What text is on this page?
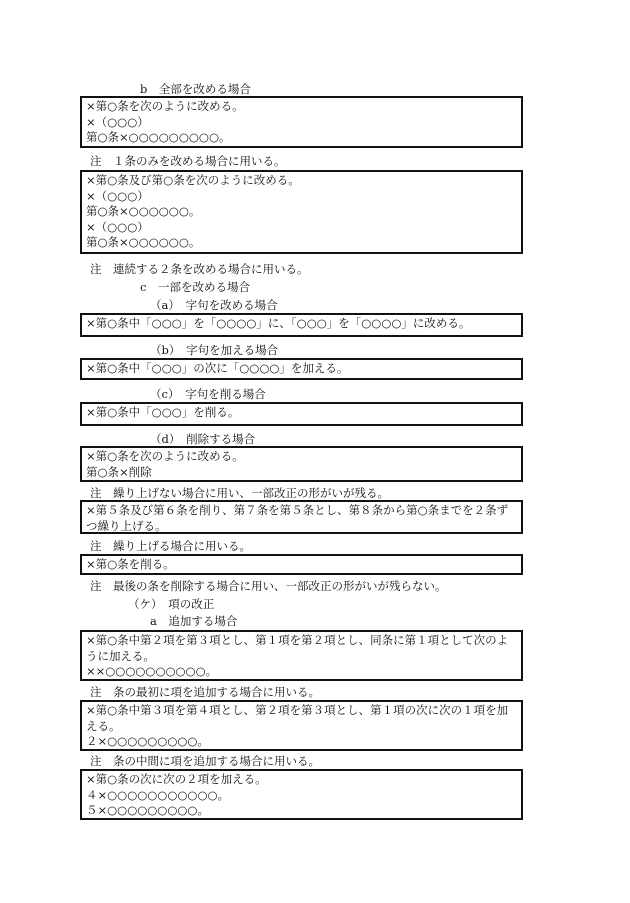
b　全部を改める場合
×第○条を次のように改める。
×（○○○）
第○条×○○○○○○○○○。
注　１条のみを改める場合に用いる。
×第○条及び第○条を次のように改める。
×（○○○）
第○条×○○○○○○。
×（○○○）
第○条×○○○○○○。
注　連続する２条を改める場合に用いる。
c　一部を改める場合
（a）　字句を改める場合
×第○条中「○○○」を「○○○○」に、「○○○」を「○○○○」に改める。
（b）　字句を加える場合
×第○条中「○○○」の次に「○○○○」を加える。
（c）　字句を削る場合
×第○条中「○○○」を削る。
（d）　削除する場合
×第○条を次のように改める。
第○条×削除
注　繰り上げない場合に用い、一部改正の形がいが残る。
×第５条及び第６条を削り、第７条を第５条とし、第８条から第○条までを２条ずつ繰り上げる。
注　繰り上げる場合に用いる。
×第○条を削る。
注　最後の条を削除する場合に用い、一部改正の形がいが残らない。
（ケ）　項の改正
a　追加する場合
×第○条中第２項を第３項とし、第１項を第２項とし、同条に第１項として次のように加える。
××○○○○○○○○○○。
注　条の最初に項を追加する場合に用いる。
×第○条中第３項を第４項とし、第２項を第３項とし、第１項の次に次の１項を加える。
２×○○○○○○○○○。
注　条の中間に項を追加する場合に用いる。
×第○条の次に次の２項を加える。
４×○○○○○○○○○○○。
５×○○○○○○○○○。
